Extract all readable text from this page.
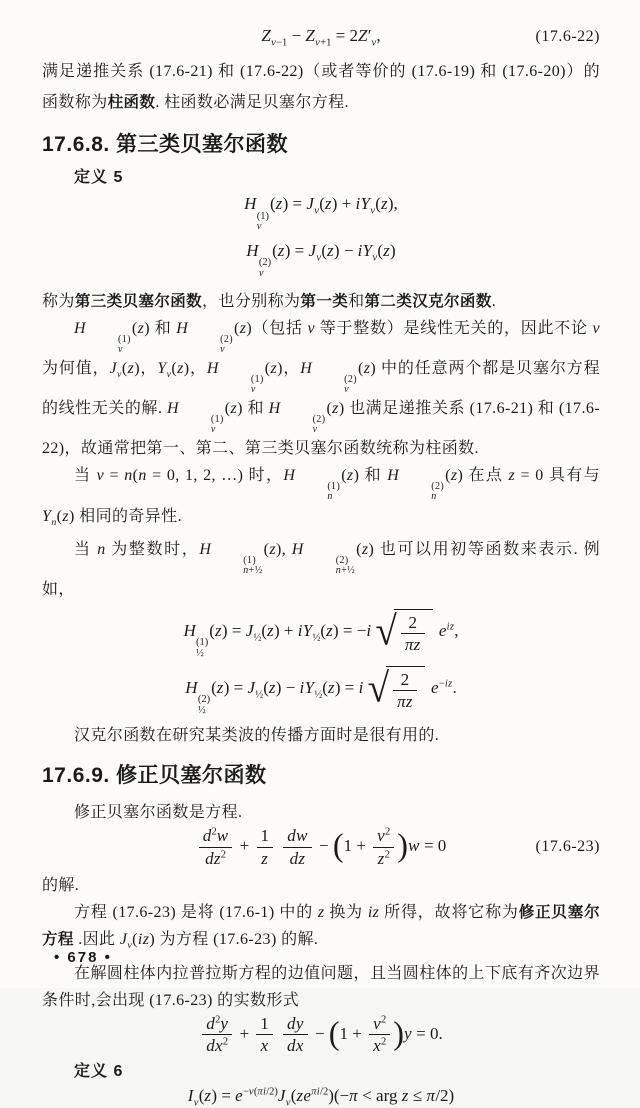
$Z_{\nu-1} - Z_{\nu+1} = 2Z'_\nu$,	(17.6-22)

满足递推关系 (17.6-21) 和 (17.6-22)（或者等价的 (17.6-19) 和 (17.6-20)）的函数称为柱函数. 柱函数必满足贝塞尔方程.

17.6.8. 第三类贝塞尔函数
定义 5
H
(1)
ν
$(z) = J_\nu(z) + iY_\nu(z)$,
H
(2)
ν
$(z) = J_\nu(z) - iY_\nu(z)$

称为第三类贝塞尔函数，也分别称为第一类和第二类汉克尔函数.

H
(1)
ν
(z) 和 H
(2)
ν
(z)（包括 ν 等于整数）是线性无关的，因此不论 ν 为何值，$J_\nu(z)$，$Y_\nu(z)$，H
(1)
ν
(z)，H
(2)
ν
(z) 中的任意两个都是贝塞尔方程的线性无关的解. H
(1)
ν
(z) 和 H
(2)
ν
(z) 也满足递推关系 (17.6-21) 和 (17.6-22)，故通常把第一、第二、第三类贝塞尔函数统称为柱函数.

当 ν = n(n = 0, 1, 2, …) 时，H
(1)
n
(z) 和 H
(2)
n
(z) 在点 z = 0 具有与 $Y_n(z)$ 相同的奇异性.

当 n 为整数时，H
(1)
n+½
(z), H
(2)
n+½
(z) 也可以用初等函数来表示. 例如，

H
(1)
½
$(z) = J_{\frac{1}{2}}(z) + iY_{\frac{1}{2}}(z) = -i$ √ $\frac{2}{\pi z} e^{iz}$,
H
(2)
½
$(z) = J_{\frac{1}{2}}(z) - iY_{\frac{1}{2}}(z) = i$ √ $\frac{2}{\pi z} e^{-iz}$.

汉克尔函数在研究某类波的传播方面时是很有用的.

17.6.9. 修正贝塞尔函数

修正贝塞尔函数是方程.

$\frac{d^2w}{dz^2} + \frac{1}{z}$
$\frac{dw}{dz} - (1 + \frac{\nu^2}{z^2} )w = 0$	(17.6-23)

的解.

方程 (17.6-23) 是将 (17.6-1) 中的 z 换为 iz 所得，故将它称为修正贝塞尔方程 .因此 $J_\nu(iz)$ 为方程 (17.6-23) 的解.

在解圆柱体内拉普拉斯方程的边值问题，且当圆柱体的上下底有齐次边界条件时,会出现 (17.6-23) 的实数形式

$\frac{d^2y}{dx^2} + \frac{1}{x}$
$\frac{dy}{dx} - (1 + \frac{\nu^2}{x^2} )y = 0$.
定义 6
$I_\nu(z) = e^{-\nu(\pi i/2)}J_\nu(ze^{\pi i/2})(-\pi$ < arg z ≤ π/2)
• 678 •
